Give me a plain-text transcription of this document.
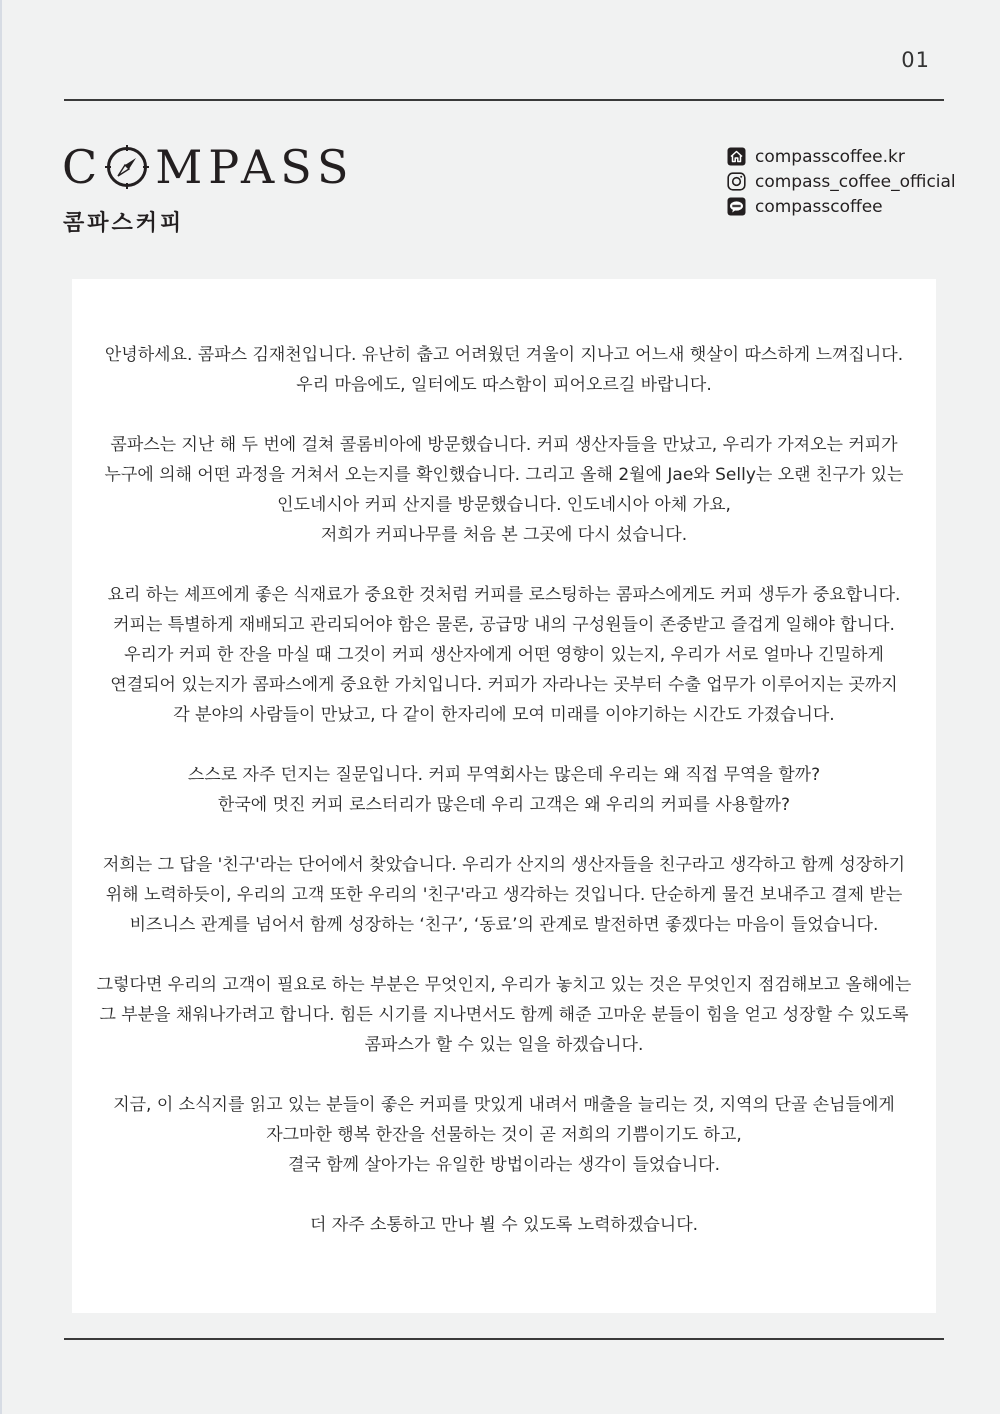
01
C MPASS
콤파스커피
compasscoffee.kr
compass_coffee_official
compasscoffee
안녕하세요. 콤파스 김재천입니다. 유난히 춥고 어려웠던 겨울이 지나고 어느새 햇살이 따스하게 느껴집니다.
우리 마음에도, 일터에도 따스함이 피어오르길 바랍니다.
콤파스는 지난 해 두 번에 걸쳐 콜롬비아에 방문했습니다. 커피 생산자들을 만났고, 우리가 가져오는 커피가
누구에 의해 어떤 과정을 거쳐서 오는지를 확인했습니다. 그리고 올해 2월에 Jae와 Selly는 오랜 친구가 있는
인도네시아 커피 산지를 방문했습니다. 인도네시아 아체 가요,
저희가 커피나무를 처음 본 그곳에 다시 섰습니다.
요리 하는 셰프에게 좋은 식재료가 중요한 것처럼 커피를 로스팅하는 콤파스에게도 커피 생두가 중요합니다.
커피는 특별하게 재배되고 관리되어야 함은 물론, 공급망 내의 구성원들이 존중받고 즐겁게 일해야 합니다.
우리가 커피 한 잔을 마실 때 그것이 커피 생산자에게 어떤 영향이 있는지, 우리가 서로 얼마나 긴밀하게
연결되어 있는지가 콤파스에게 중요한 가치입니다. 커피가 자라나는 곳부터 수출 업무가 이루어지는 곳까지
각 분야의 사람들이 만났고, 다 같이 한자리에 모여 미래를 이야기하는 시간도 가졌습니다.
스스로 자주 던지는 질문입니다. 커피 무역회사는 많은데 우리는 왜 직접 무역을 할까?
한국에 멋진 커피 로스터리가 많은데 우리 고객은 왜 우리의 커피를 사용할까?
저희는 그 답을 '친구'라는 단어에서 찾았습니다. 우리가 산지의 생산자들을 친구라고 생각하고 함께 성장하기
위해 노력하듯이, 우리의 고객 또한 우리의 '친구'라고 생각하는 것입니다. 단순하게 물건 보내주고 결제 받는
비즈니스 관계를 넘어서 함께 성장하는 ‘친구’, ‘동료’의 관계로 발전하면 좋겠다는 마음이 들었습니다.
그렇다면 우리의 고객이 필요로 하는 부분은 무엇인지, 우리가 놓치고 있는 것은 무엇인지 점검해보고 올해에는
그 부분을 채워나가려고 합니다. 힘든 시기를 지나면서도 함께 해준 고마운 분들이 힘을 얻고 성장할 수 있도록
콤파스가 할 수 있는 일을 하겠습니다.
지금, 이 소식지를 읽고 있는 분들이 좋은 커피를 맛있게 내려서 매출을 늘리는 것, 지역의 단골 손님들에게
자그마한 행복 한잔을 선물하는 것이 곧 저희의 기쁨이기도 하고,
결국 함께 살아가는 유일한 방법이라는 생각이 들었습니다.
더 자주 소통하고 만나 뵐 수 있도록 노력하겠습니다.
